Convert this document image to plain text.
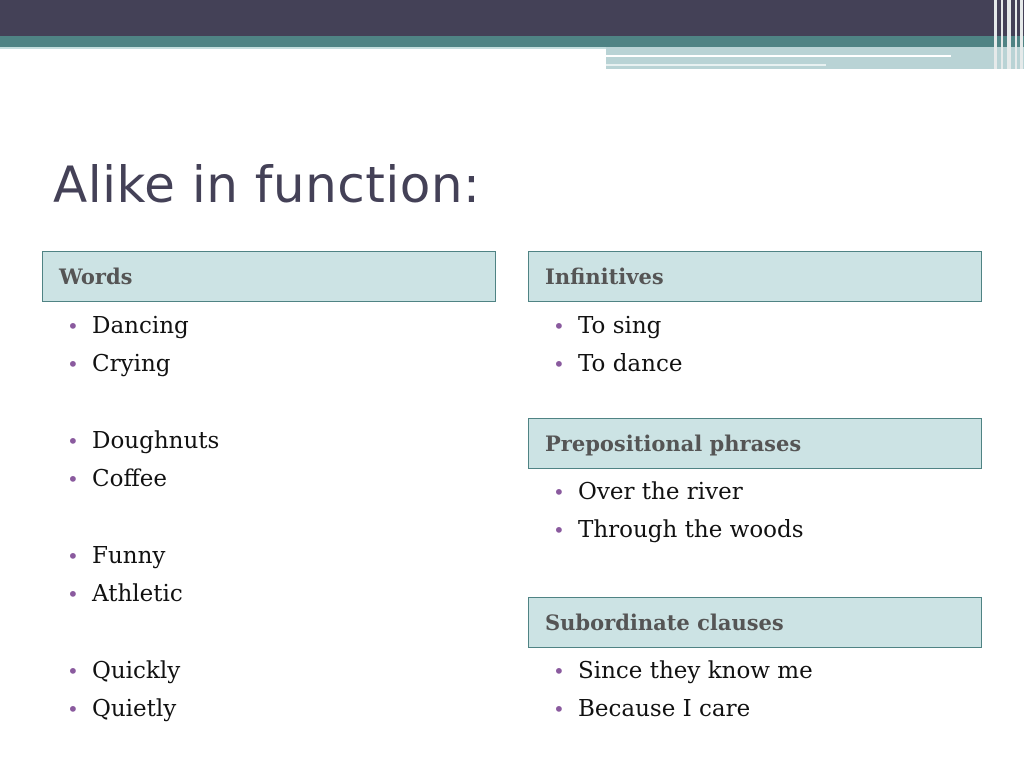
Alike in function:
Words
• Dancing
• Crying
• Doughnuts
• Coffee
• Funny
• Athletic
• Quickly
• Quietly
Infinitives
• To sing
• To dance
Prepositional phrases
• Over the river
• Through the woods
Subordinate clauses
• Since they know me
• Because I care
